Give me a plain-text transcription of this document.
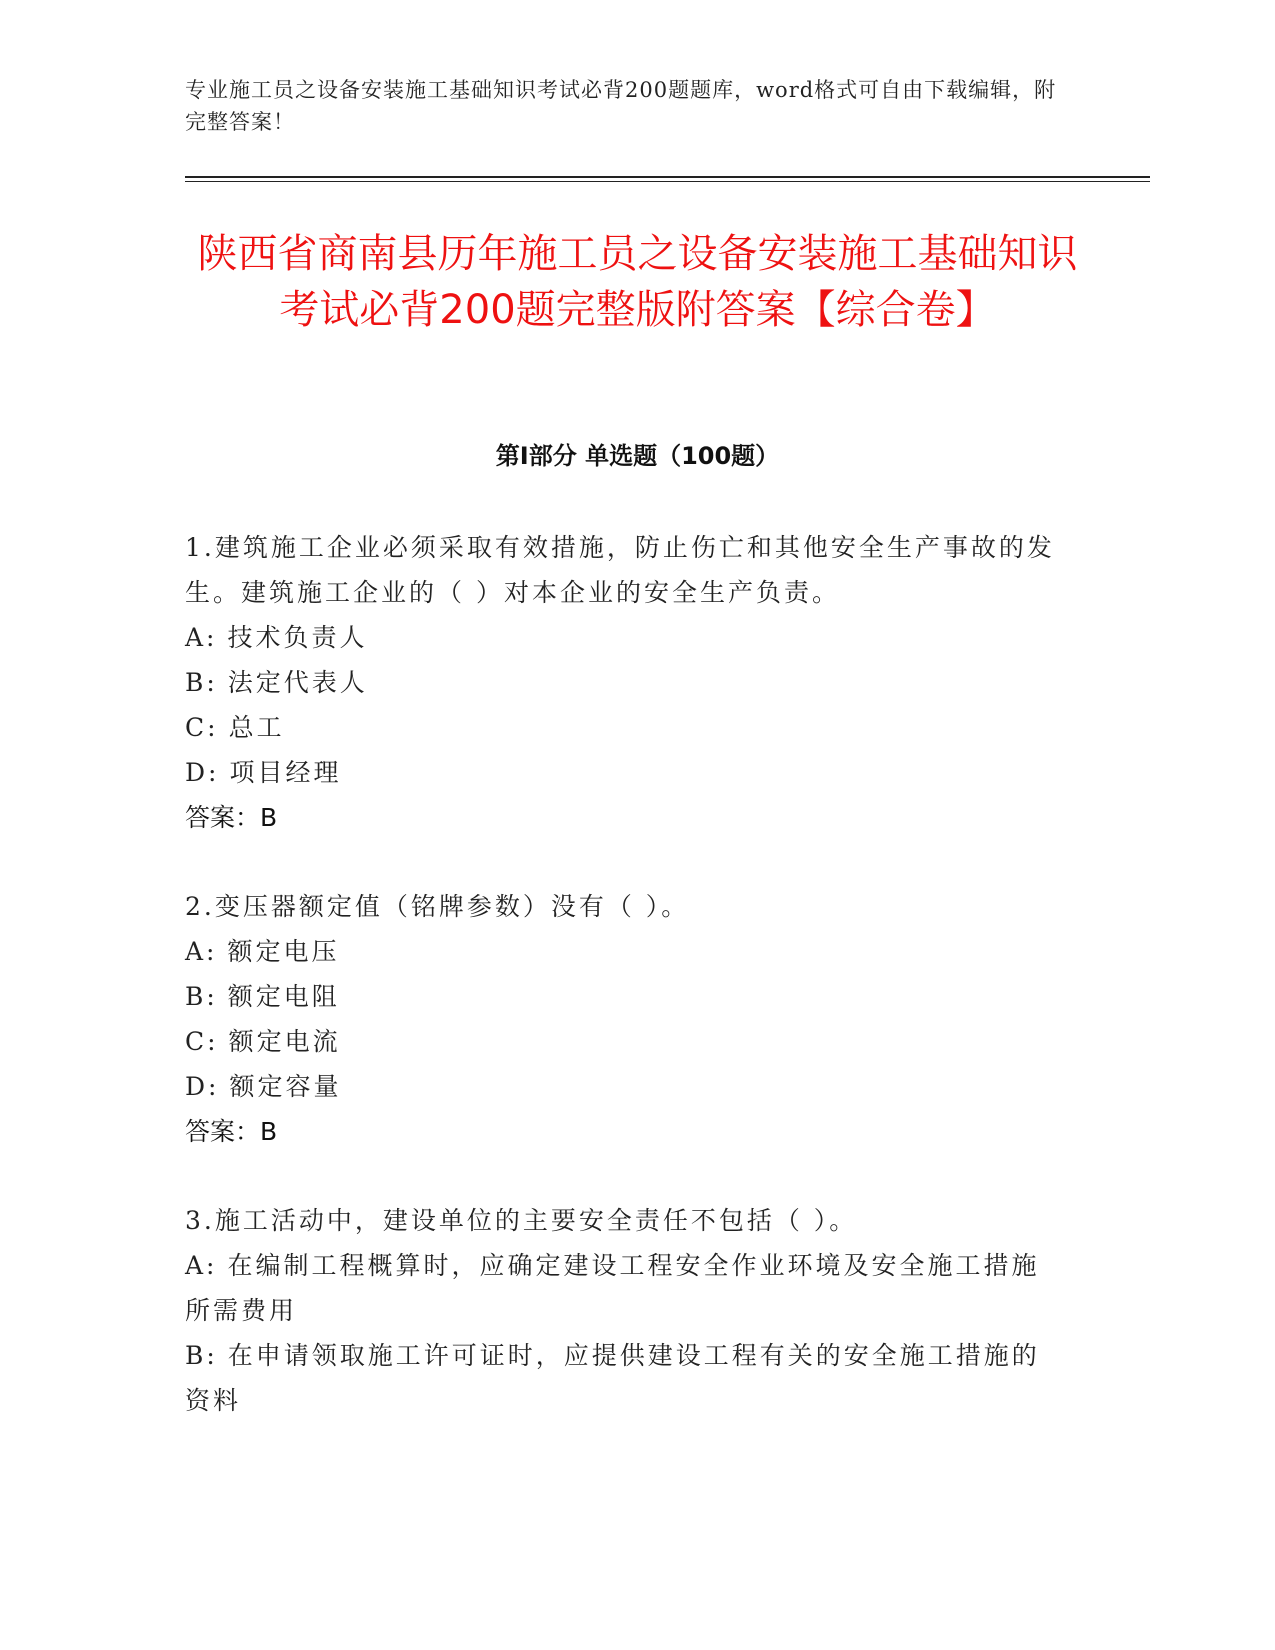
专业施工员之设备安装施工基础知识考试必背200题题库，word格式可自由下载编辑，附完整答案！
陕西省商南县历年施工员之设备安装施工基础知识考试必背200题完整版附答案【综合卷】
第Ⅰ部分 单选题（100题）

1.建筑施工企业必须采取有效措施，防止伤亡和其他安全生产事故的发生。建筑施工企业的（ ）对本企业的安全生产负责。

A: 技术负责人

B: 法定代表人

C: 总工

D: 项目经理

答案：B

2.变压器额定值（铭牌参数）没有（ ）。

A: 额定电压

B: 额定电阻

C: 额定电流

D: 额定容量

答案：B

3.施工活动中，建设单位的主要安全责任不包括（ ）。

A: 在编制工程概算时，应确定建设工程安全作业环境及安全施工措施所需费用

B: 在申请领取施工许可证时，应提供建设工程有关的安全施工措施的资料
